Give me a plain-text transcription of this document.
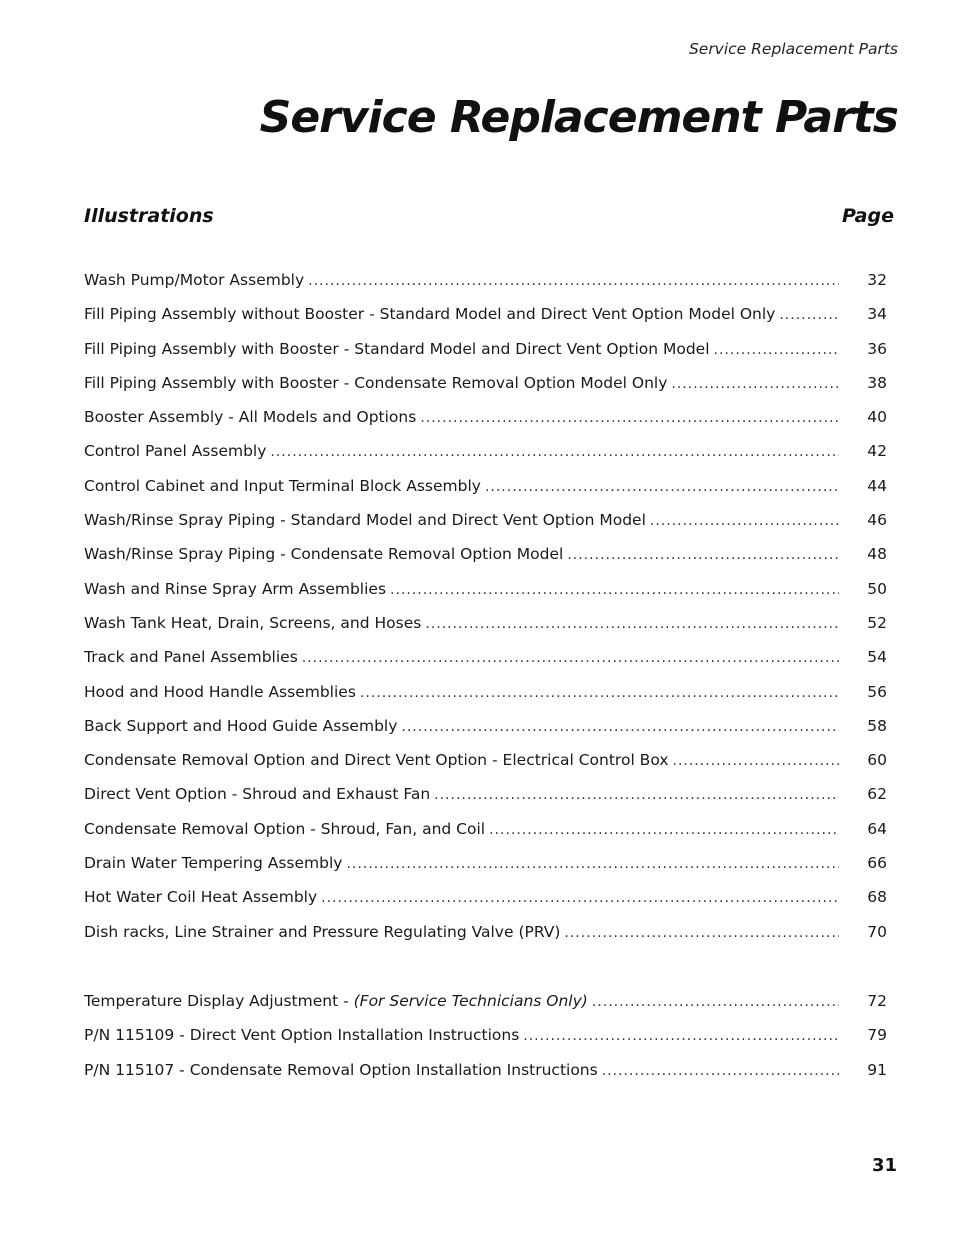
Service Replacement Parts
Service Replacement Parts
Illustrations	Page
Wash Pump/Motor Assembly .....	32
Fill Piping Assembly without Booster - Standard Model and Direct Vent Option Model Only .....	34
Fill Piping Assembly with Booster - Standard Model and Direct Vent Option Model .....	36
Fill Piping Assembly with Booster - Condensate Removal Option Model Only .....	38
Booster Assembly - All Models and Options .....	40
Control Panel Assembly .....	42
Control Cabinet and Input Terminal Block Assembly .....	44
Wash/Rinse Spray Piping - Standard Model and Direct Vent Option Model .....	46
Wash/Rinse Spray Piping - Condensate Removal Option Model .....	48
Wash and Rinse Spray Arm Assemblies .....	50
Wash Tank Heat, Drain, Screens, and Hoses .....	52
Track and Panel Assemblies .....	54
Hood and Hood Handle Assemblies .....	56
Back Support and Hood Guide Assembly .....	58
Condensate Removal Option and Direct Vent Option - Electrical Control Box .....	60
Direct Vent Option - Shroud and Exhaust Fan .....	62
Condensate Removal Option - Shroud, Fan, and Coil .....	64
Drain Water Tempering Assembly .....	66
Hot Water Coil Heat Assembly .....	68
Dish racks, Line Strainer and Pressure Regulating Valve (PRV) .....	70
Temperature Display Adjustment - (For Service Technicians Only) .....	72
P/N 115109 - Direct Vent Option Installation Instructions .....	79
P/N 115107 - Condensate Removal Option Installation Instructions .....	91
31
